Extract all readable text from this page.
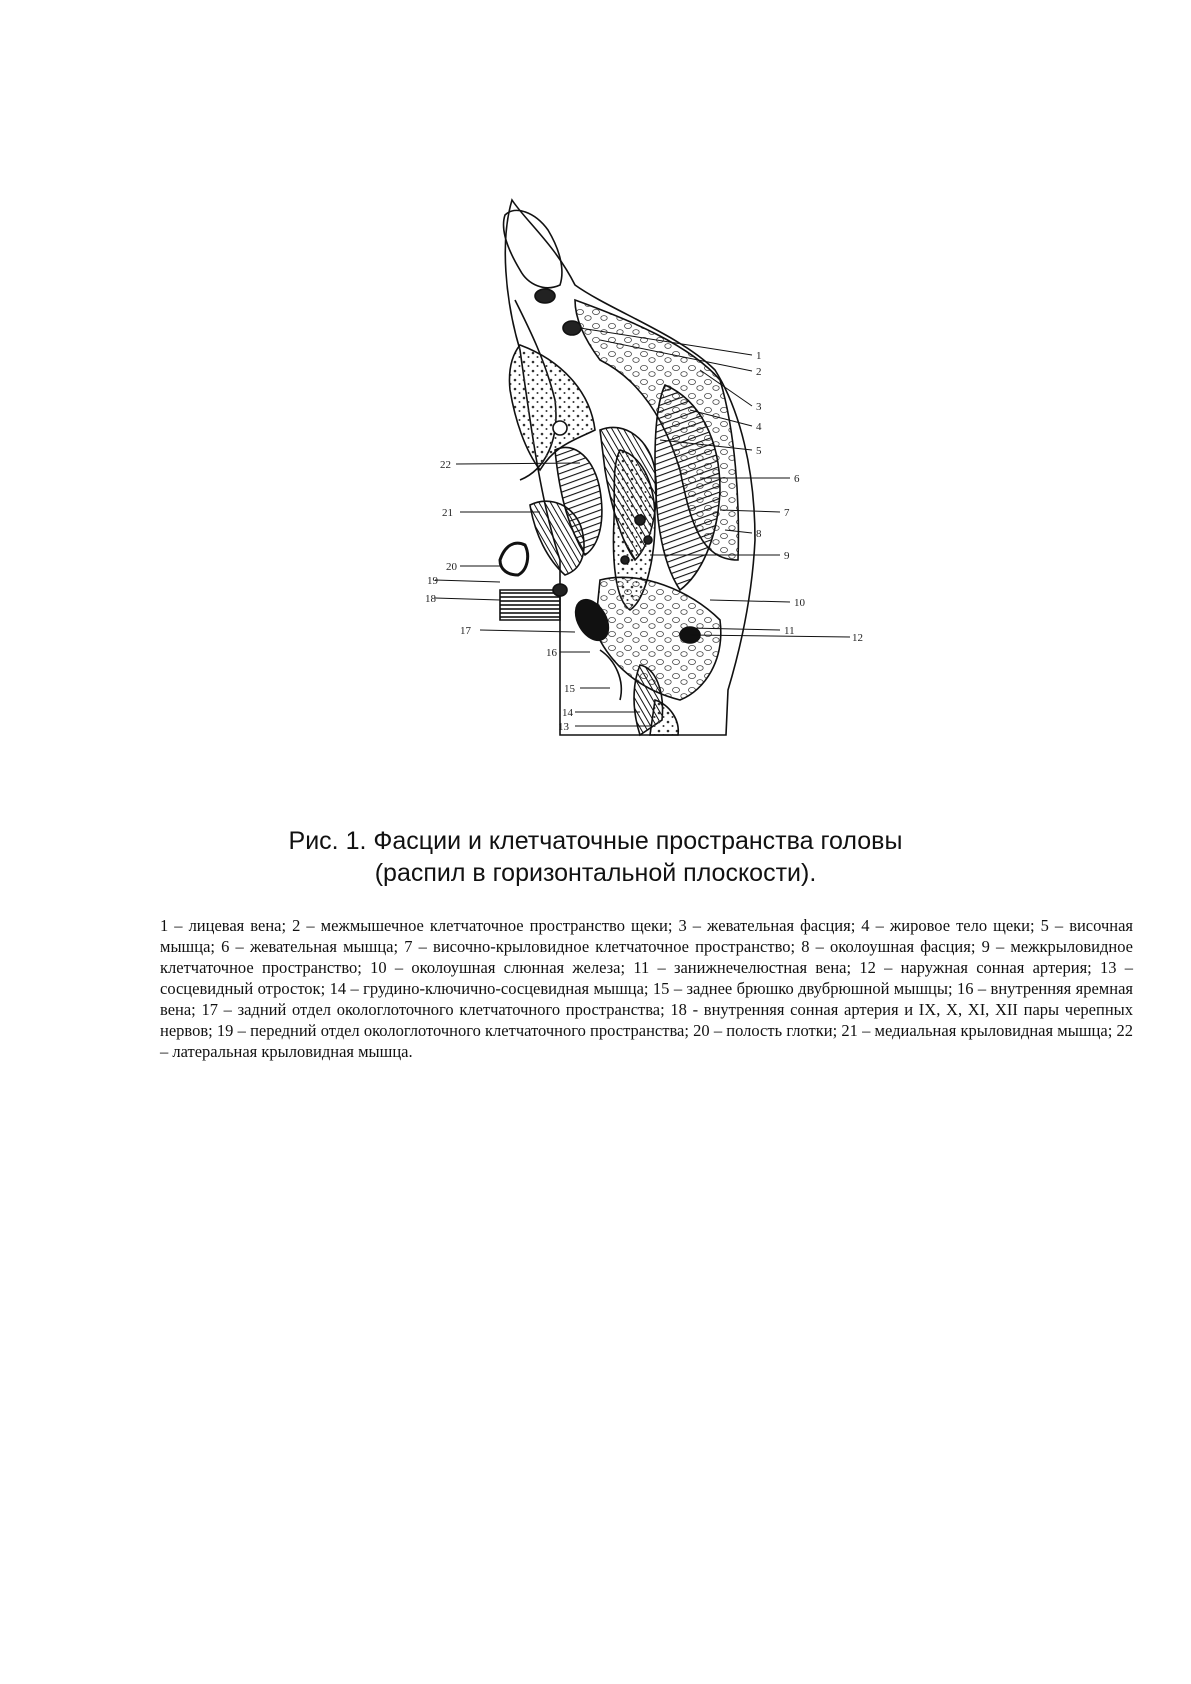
1
2
3
4
5
6
7
8
9
10
11
12
13
14
15
16
17
18
19
20
21
22
Рис. 1. Фасции и клетчаточные пространства головы
(распил в горизонтальной плоскости).
1 – лицевая вена; 2 – межмышечное клетчаточное пространство щеки; 3 – жевательная фасция; 4 – жировое тело щеки; 5 – височная мышца; 6 – жевательная мышца; 7 – височно-крыловидное клетчаточное пространство; 8 – околоушная фасция; 9 – межкрыловидное клетчаточное пространство; 10 – околоушная слюнная железа; 11 – занижнечелюстная вена; 12 – наружная сонная артерия; 13 – сосцевидный отросток; 14 – грудино-ключично-сосцевидная мышца; 15 – заднее брюшко двубрюшной мышцы; 16 – внутренняя яремная вена; 17 – задний отдел окологлоточного клетчаточного пространства; 18 - внутренняя сонная артерия и IX, X, XI, XII пары черепных нервов; 19 – передний отдел окологлоточного клетчаточного пространства; 20 – полость глотки; 21 – медиальная крыловидная мышца; 22 – латеральная крыловидная мышца.
